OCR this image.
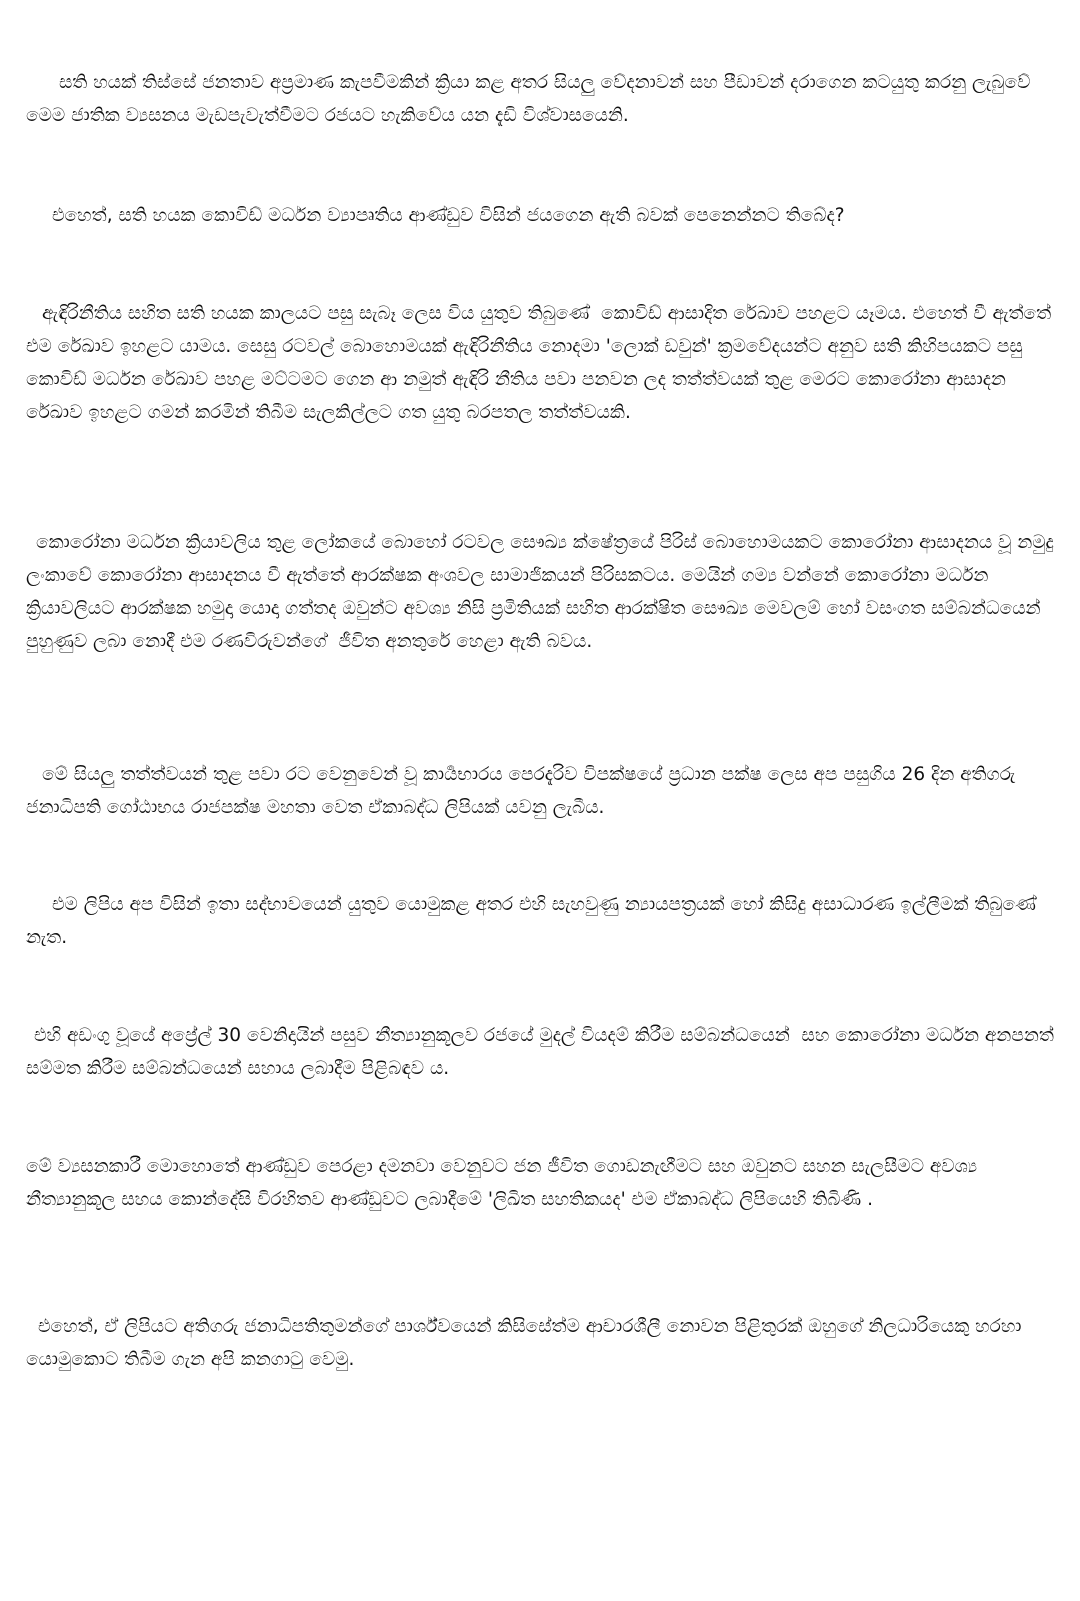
සති හයක් තිස්සේ ජනතාව අප්‍රමාණ කැපවීමකින් ක්‍රියා කළ අතර සියලු වේදනාවන් සහ පීඩාවන් දරාගෙන කටයුතු කරනු ලැබුවේ මෙම ජාතික ව්‍යසනය මැඩපැවැත්වීමට රජයට හැකිවේය යන දැඩි විශ්වාසයෙනි.

එහෙත්, සති හයක කොවිඩ් මර්ධන ව්‍යාපෘතිය ආණ්ඩුව විසින් ජයගෙන ඇති බවක් පෙනෙන්නට තිබේද?

ඇඳිරිනීතිය සහිත සති හයක කාලයට පසු සැබෑ ලෙස විය යුතුව තිබුණේ  කොවිඩ් ආසාදිත රේඛාව පහළට යෑමය. එහෙත් වී ඇත්තේ එම රේඛාව ඉහළට යාමය. සෙසු රටවල් බොහොමයක් ඇඳිරිනීතිය නොදමා 'ලොක් ඩවුන්' ක්‍රමවේදයන්ට අනුව සති කිහිපයකට පසු කොවිඩ් මර්ධන රේඛාව පහළ මට්ටමට ගෙන ආ නමුත් ඇඳිරි නීතිය පවා පනවන ලද තත්ත්වයක් තුළ මෙරට කොරෝනා ආසාදන රේඛාව ඉහළට ගමන් කරමින් තිබීම සැලකිල්ලට ගත යුතු බරපතල තත්ත්වයකි.

කොරෝනා මර්ධන ක්‍රියාවලිය තුළ ලෝකයේ බොහෝ රටවල සෞඛ්‍ය ක්ෂේත්‍රයේ පිරිස් බොහොමයකට කොරෝනා ආසාදනය වූ නමුදු ලංකාවේ කොරෝනා ආසාදනය වී ඇත්තේ ආරක්ෂක අංශවල සාමාජිකයන් පිරිසකටය. මෙයින් ගම්‍ය වන්නේ කොරෝනා මර්ධන ක්‍රියාවලියට ආරක්ෂක හමුදා යොදා ගත්තද ඔවුන්ට අවශ්‍ය නිසි ප්‍රමිතියක් සහිත ආරක්ෂිත සෞඛ්‍ය මෙවලම් හෝ වසංගත සම්බන්ධයෙන් පුහුණුව ලබා නොදී එම රණවිරුවන්ගේ  ජීවිත අනතුරේ හෙළා ඇති බවය.

මේ සියලු තත්ත්වයන් තුළ පවා රට වෙනුවෙන් වූ කාර්‍යභාරය පෙරදැරිව විපක්ෂයේ ප්‍රධාන පක්ෂ ලෙස අප පසුගිය 26 දින අතිගරු ජනාධිපති ගෝඨාභය රාජපක්ෂ මහතා වෙත ඒකාබද්ධ ලිපියක් යවනු ලැබීය.

එම ලිපිය අප විසින් ඉතා සද්භාවයෙන් යුතුව යොමුකළ අතර එහි සැහවුණු න්‍යායපත්‍රයක් හෝ කිසිදු අසාධාරණ ඉල්ලීමක් තිබුණේ නැත.

එහි අඩංගු වූයේ අප්‍රේල් 30 වෙනිදායින් පසුව නීත්‍යානුකූලව රජයේ මුදල් වියදම් කිරීම සම්බන්ධයෙන්  සහ කොරෝනා මර්ධන අනපනත් සම්මත කිරීම සම්බන්ධයෙන් සහාය ලබාදීම පිළිබඳව ය.

මේ ව්‍යසනකාරී මොහොතේ ආණ්ඩුව පෙරළා දමනවා වෙනුවට ජන ජීවිත ගොඩනැඟීමට සහ ඔවුනට සහන සැලසීමට අවශ්‍ය නීත්‍යානුකූල සහය කොන්දේසි විරහිතව ආණ්ඩුවට ලබාදීමේ 'ලිඛිත සහතිකයද' එම ඒකාබද්ධ ලිපියෙහි තිබිණි .

එහෙත්, ඒ ලිපියට අතිගරු ජනාධිපතිතුමන්ගේ පාර්ශ්වයෙන් කිසිසේත්ම ආචාරශීලී නොවන පිළිතුරක් ඔහුගේ නිලධාරියෙකු හරහා යොමුකොට තිබීම ගැන අපි කනගාටු වෙමු.
